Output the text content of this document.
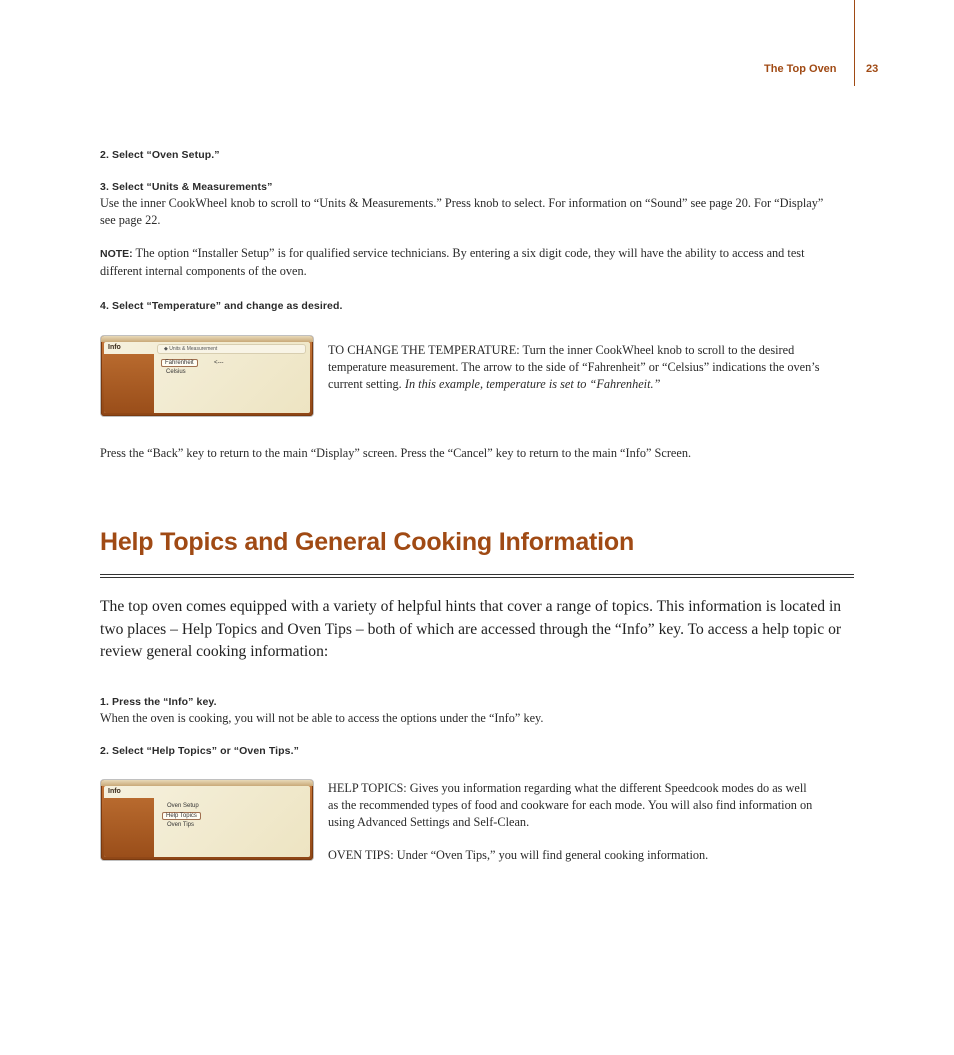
The Top Oven	23
2. Select “Oven Setup.”
3. Select “Units & Measurements”
Use the inner CookWheel knob to scroll to “Units & Measurements.” Press knob to select. For information on “Sound” see page 20. For “Display” see page 22.
NOTE: The option “Installer Setup” is for qualified service technicians. By entering a six digit code, they will have the ability to access and test different internal components of the oven.
4. Select “Temperature” and change as desired.
Info	◆ Units & Measurement
Fahrenheit	<---
Celsius
TO CHANGE THE TEMPERATURE: Turn the inner CookWheel knob to scroll to the desired temperature measurement. The arrow to the side of “Fahrenheit” or “Celsius” indications the oven’s current setting. In this example, temperature is set to “Fahrenheit.”
Press the “Back” key to return to the main “Display” screen. Press the “Cancel” key to return to the main “Info” Screen.
Help Topics and General Cooking Information
The top oven comes equipped with a variety of helpful hints that cover a range of topics. This information is located in two places – Help Topics and Oven Tips – both of which are accessed through the “Info” key. To access a help topic or review general cooking information:
1. Press the “Info” key.
When the oven is cooking, you will not be able to access the options under the “Info” key.
2. Select “Help Topics” or “Oven Tips.”
Info
Oven Setup
Help Topics
Oven Tips
HELP TOPICS: Gives you information regarding what the different Speedcook modes do as well as the recommended types of food and cookware for each mode. You will also find information on using Advanced Settings and Self-Clean.
OVEN TIPS: Under “Oven Tips,” you will find general cooking information.
